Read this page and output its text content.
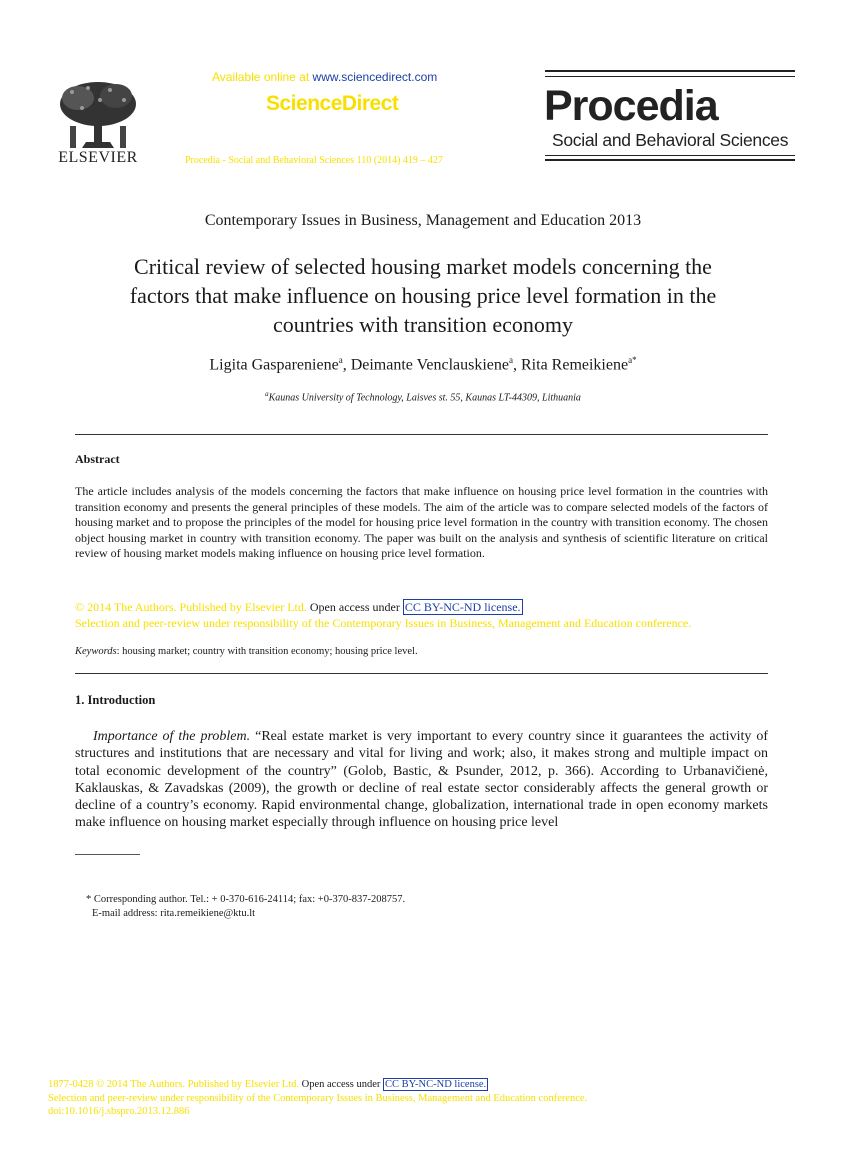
ELSEVIER
Available online at www.sciencedirect.com
ScienceDirect
Procedia - Social and Behavioral Sciences 110 (2014) 419 – 427
Procedia
Social and Behavioral Sciences
Contemporary Issues in Business, Management and Education 2013
Critical review of selected housing market models concerning the
factors that make influence on housing price level formation in the
countries with transition economy
Ligita Gaspareniene$^a$, Deimante Venclauskiene$^a$, Rita Remeikiene$^{a*}$
$^a$Kaunas University of Technology, Laisves st. 55, Kaunas LT-44309, Lithuania
Abstract
The article includes analysis of the models concerning the factors that make influence on housing price level formation in the countries with transition economy and presents the general principles of these models. The aim of the article was to compare selected models of the factors of housing market and to propose the principles of the model for housing price level formation in the country with transition economy. The chosen object housing market in country with transition economy. The paper was built on the analysis and synthesis of scientific literature on critical review of housing market models making influence on housing price level formation.
© 2014 The Authors. Published by Elsevier Ltd. Open access under CC BY-NC-ND license.
Selection and peer-review under responsibility of the Contemporary Issues in Business, Management and Education conference.
Keywords: housing market; country with transition economy; housing price level.
1. Introduction
Importance of the problem. “Real estate market is very important to every country since it guarantees the activity of structures and institutions that are necessary and vital for living and work; also, it makes strong and multiple impact on total economic development of the country” (Golob, Bastic, & Psunder, 2012, p. 366). According to Urbanavičienė, Kaklauskas, & Zavadskas (2009), the growth or decline of real estate sector considerably affects the general growth or decline of a country’s economy. Rapid environmental change, globalization, international trade in open economy markets make influence on housing market especially through influence on housing price level
* Corresponding author. Tel.: + 0-370-616-24114; fax: +0-370-837-208757.
E-mail address: rita.remeikiene@ktu.lt
1877-0428 © 2014 The Authors. Published by Elsevier Ltd. Open access under CC BY-NC-ND license.
Selection and peer-review under responsibility of the Contemporary Issues in Business, Management and Education conference.
doi:10.1016/j.sbspro.2013.12.886
